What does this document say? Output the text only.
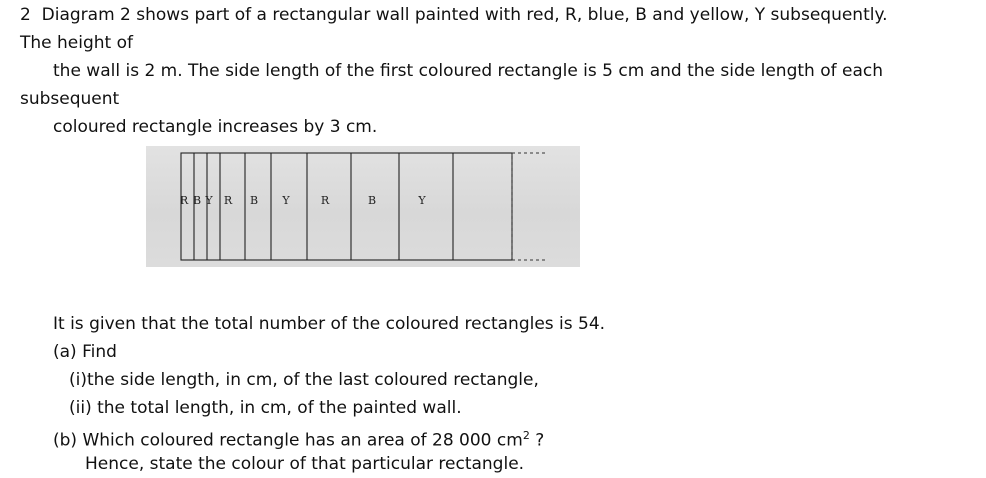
2 Diagram 2 shows part of a rectangular wall painted with red, R, blue, B and yellow, Y subsequently.
The height of
the wall is 2 m. The side length of the first coloured rectangle is 5 cm and the side length of each
subsequent
coloured rectangle increases by 3 cm.
R B Y R B Y	R	B	Y
It is given that the total number of the coloured rectangles is 54.
(a) Find
(i)the side length, in cm, of the last coloured rectangle,
(ii) the total length, in cm, of the painted wall.
(b) Which coloured rectangle has an area of 28 000 $cm^2$ ?
Hence, state the colour of that particular rectangle.
